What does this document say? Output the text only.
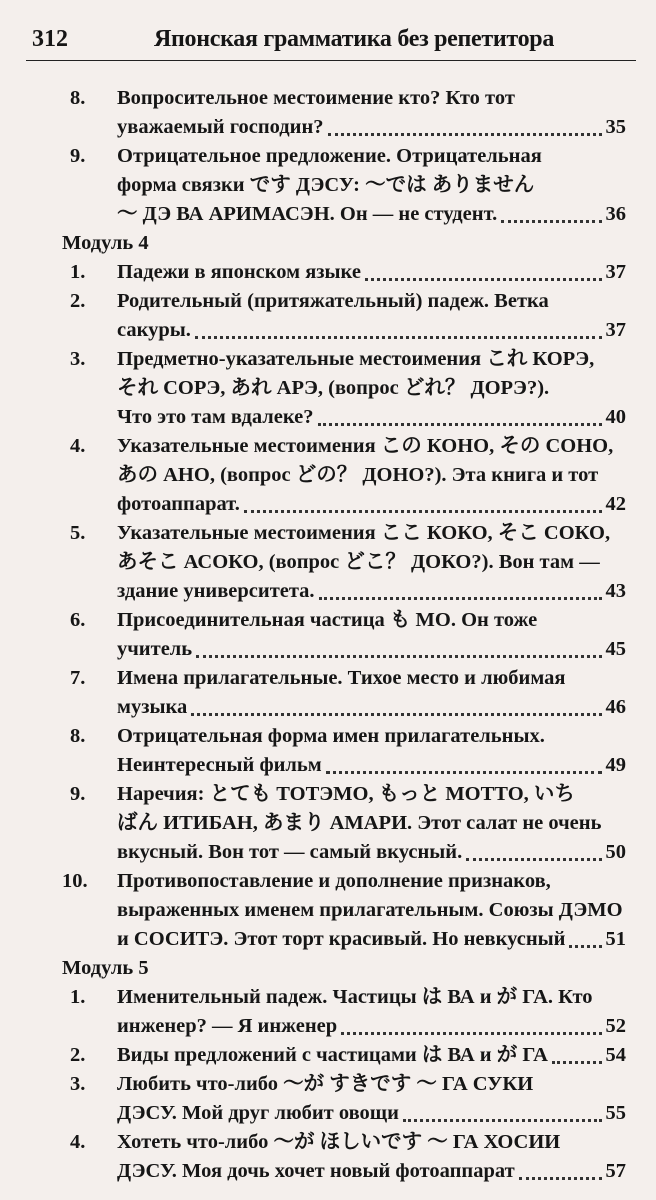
312	Японская грамматика без репетитора
8.	Вопросительное местоимение кто? Кто тот
уважаемый господин?	35
9.	Отрицательное предложение. Отрицательная
форма связки です ДЭСУ: ～では ありません
～ ДЭ ВА АРИМАСЭН. Он — не студент.	36
Модуль 4
1.	Падежи в японском языке	37
2.	Родительный (притяжательный) падеж. Ветка
сакуры.	37
3.	Предметно-указательные местоимения これ КОРЭ,
それ СОРЭ, あれ АРЭ, (вопрос どれ？ ДОРЭ?).
Что это там вдалеке?	40
4.	Указательные местоимения この КОНО, その СОНО,
あの АНО, (вопрос どの？ ДОНО?). Эта книга и тот
фотоаппарат.	42
5.	Указательные местоимения ここ КОКО, そこ СОКО,
あそこ АСОКО, (вопрос どこ？ ДОКО?). Вон там —
здание университета.	43
6.	Присоединительная частица も МО. Он тоже
учитель	45
7.	Имена прилагательные. Тихое место и любимая
музыка	46
8.	Отрицательная форма имен прилагательных.
Неинтересный фильм	49
9.	Наречия: とても ТОТЭМО, もっと МОТТО, いち
ばん ИТИБАН, あまり АМАРИ. Этот салат не очень
вкусный. Вон тот — самый вкусный.	50
10.	Противопоставление и дополнение признаков,
выраженных именем прилагательным. Союзы ДЭМО
и СОСИТЭ. Этот торт красивый. Но невкусный 51
Модуль 5
1.	Именительный падеж. Частицы は ВА и が ГА. Кто
инженер? — Я инженер	52
2.	Виды предложений с частицами は ВА и が ГА	54
3.	Любить что-либо ～が すきです ～ ГА СУКИ
ДЭСУ. Мой друг любит овощи	55
4.	Хотеть что-либо ～が ほしいです ～ ГА ХОСИИ
ДЭСУ. Моя дочь хочет новый фотоаппарат	57
